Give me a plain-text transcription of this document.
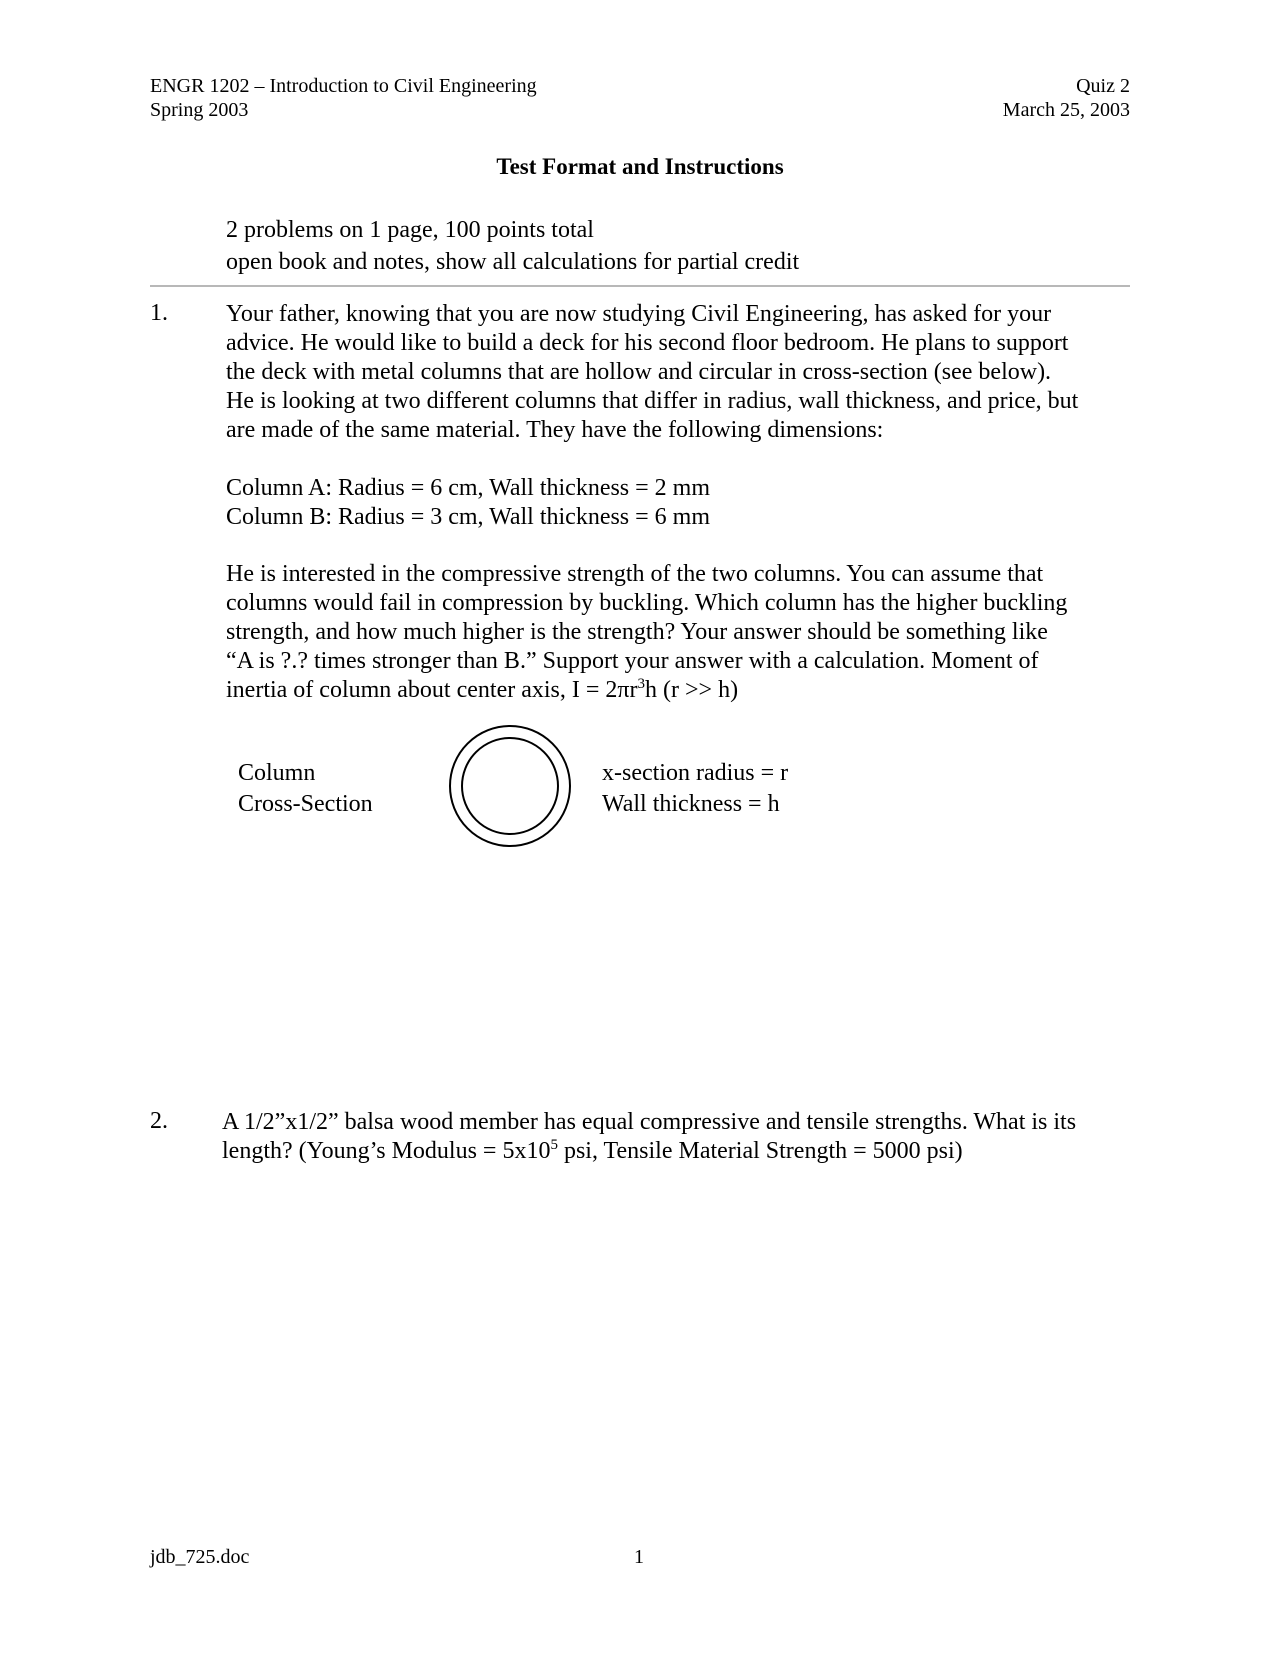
ENGR 1202 – Introduction to Civil Engineering
Spring 2003
Quiz 2
March 25, 2003
Test Format and Instructions
2 problems on 1 page, 100 points total
open book and notes, show all calculations for partial credit
1. Your father, knowing that you are now studying Civil Engineering, has asked for your
advice. He would like to build a deck for his second floor bedroom. He plans to support
the deck with metal columns that are hollow and circular in cross-section (see below).
He is looking at two different columns that differ in radius, wall thickness, and price, but
are made of the same material. They have the following dimensions:
Column A: Radius = 6 cm, Wall thickness = 2 mm
Column B: Radius = 3 cm, Wall thickness = 6 mm
He is interested in the compressive strength of the two columns. You can assume that
columns would fail in compression by buckling. Which column has the higher buckling
strength, and how much higher is the strength? Your answer should be something like
“A is ?.? times stronger than B.” Support your answer with a calculation. Moment of
inertia of column about center axis, $I = 2\pi r^3h$ (r >> h)
Column
Cross-Section
x-section radius = r
Wall thickness = h
2. A 1/2”x1/2” balsa wood member has equal compressive and tensile strengths. What is its
length? (Young’s Modulus = $5x10^5$ psi, Tensile Material Strength = 5000 psi)
jdb_725.doc	1
